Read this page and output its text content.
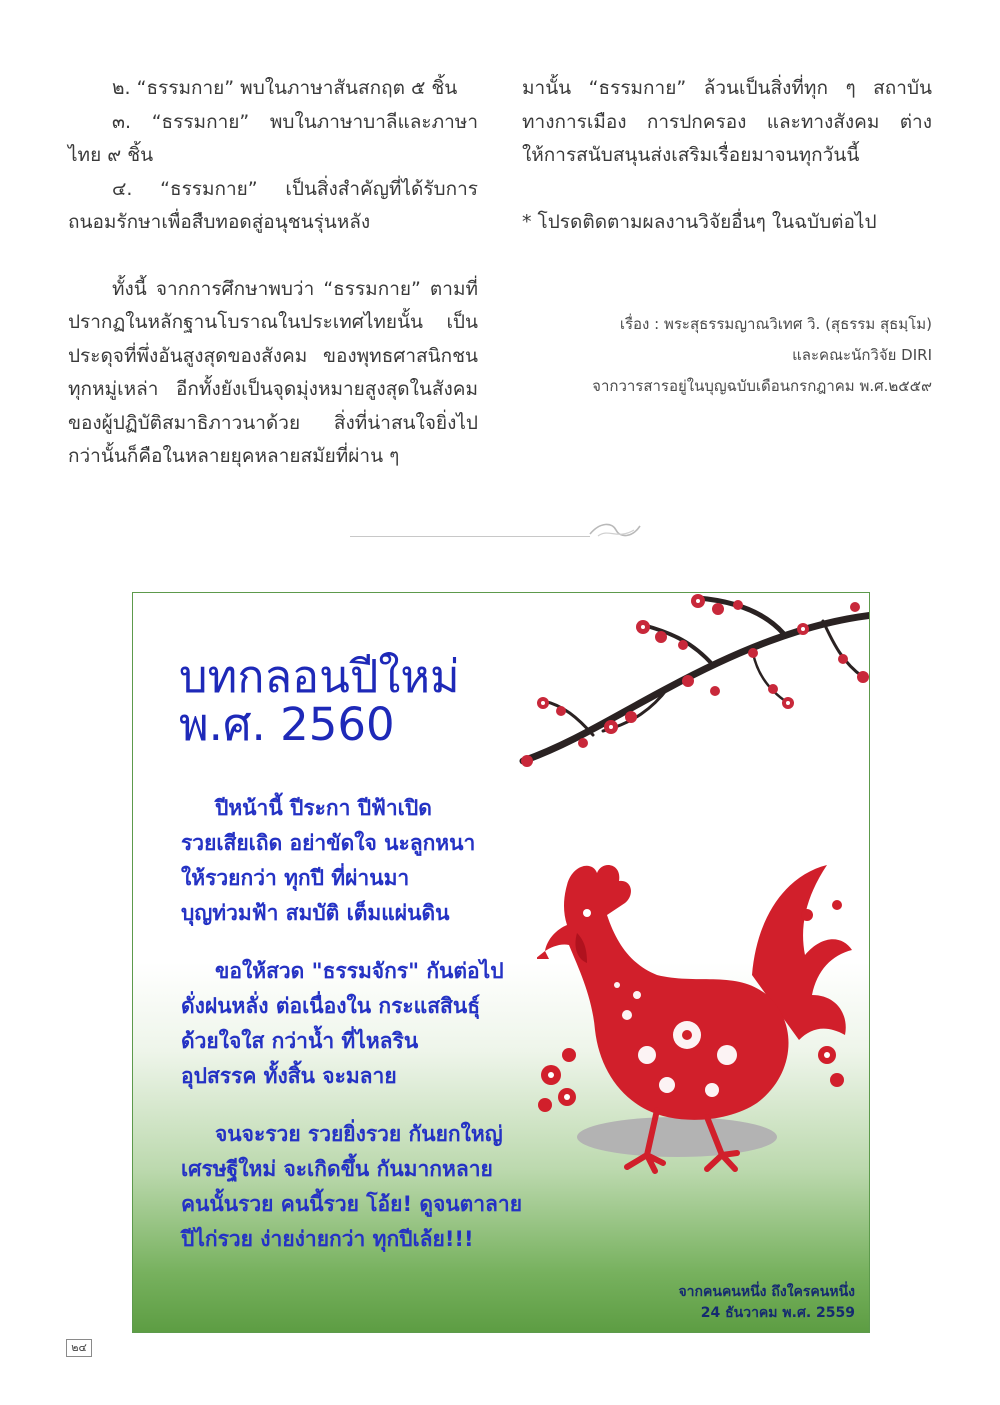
๒. “ธรรมกาย” พบในภาษาสันสกฤต ๕ ชิ้น

๓. “ธรรมกาย” พบในภาษาบาลีและภาษาไทย ๙ ชิ้น

๔. “ธรรมกาย” เป็นสิ่งสำคัญที่ได้รับการถนอมรักษาเพื่อสืบทอดสู่อนุชนรุ่นหลัง

ทั้งนี้ จากการศึกษาพบว่า “ธรรมกาย” ตามที่ปรากฏในหลักฐานโบราณในประเทศไทยนั้น เป็นประดุจที่พึ่งอันสูงสุดของสังคม ของพุทธศาสนิกชนทุกหมู่เหล่า อีกทั้งยังเป็นจุดมุ่งหมายสูงสุดในสังคมของผู้ปฏิบัติสมาธิภาวนาด้วย สิ่งที่น่าสนใจยิ่งไปกว่านั้นก็คือในหลายยุคหลายสมัยที่ผ่าน ๆ

มานั้น “ธรรมกาย” ล้วนเป็นสิ่งที่ทุก ๆ สถาบันทางการเมือง การปกครอง และทางสังคม ต่างให้การสนับสนุนส่งเสริมเรื่อยมาจนทุกวันนี้

* โปรดติดตามผลงานวิจัยอื่นๆ ในฉบับต่อไป

เรื่อง : พระสุธรรมญาณวิเทศ วิ. (สุธรรม สุธมฺโม)

และคณะนักวิจัย DIRI

จากวารสารอยู่ในบุญฉบับเดือนกรกฎาคม พ.ศ.๒๕๕๙

บทกลอนปีใหม่
พ.ศ. 2560
ปีหน้านี้ ปีระกา ปีฟ้าเปิด
รวยเสียเถิด อย่าขัดใจ นะลูกหนา
ให้รวยกว่า ทุกปี ที่ผ่านมา
บุญท่วมฟ้า สมบัติ เต็มแผ่นดิน
ขอให้สวด "ธรรมจักร" กันต่อไป
ดั่งฝนหลั่ง ต่อเนื่องใน กระแสสินธุ์
ด้วยใจใส กว่าน้ำ ที่ไหลริน
อุปสรรค ทั้งสิ้น จะมลาย
จนจะรวย รวยยิ่งรวย กันยกใหญ่
เศรษฐีใหม่ จะเกิดขึ้น กันมากหลาย
คนนั้นรวย คนนี้รวย โอ้ย! ดูจนตาลาย
ปีไก่รวย ง่ายง่ายกว่า ทุกปีเล้ย!!!
จากคนคนหนึ่ง ถึงใครคนหนึ่ง
24 ธันวาคม พ.ศ. 2559
๒๔
